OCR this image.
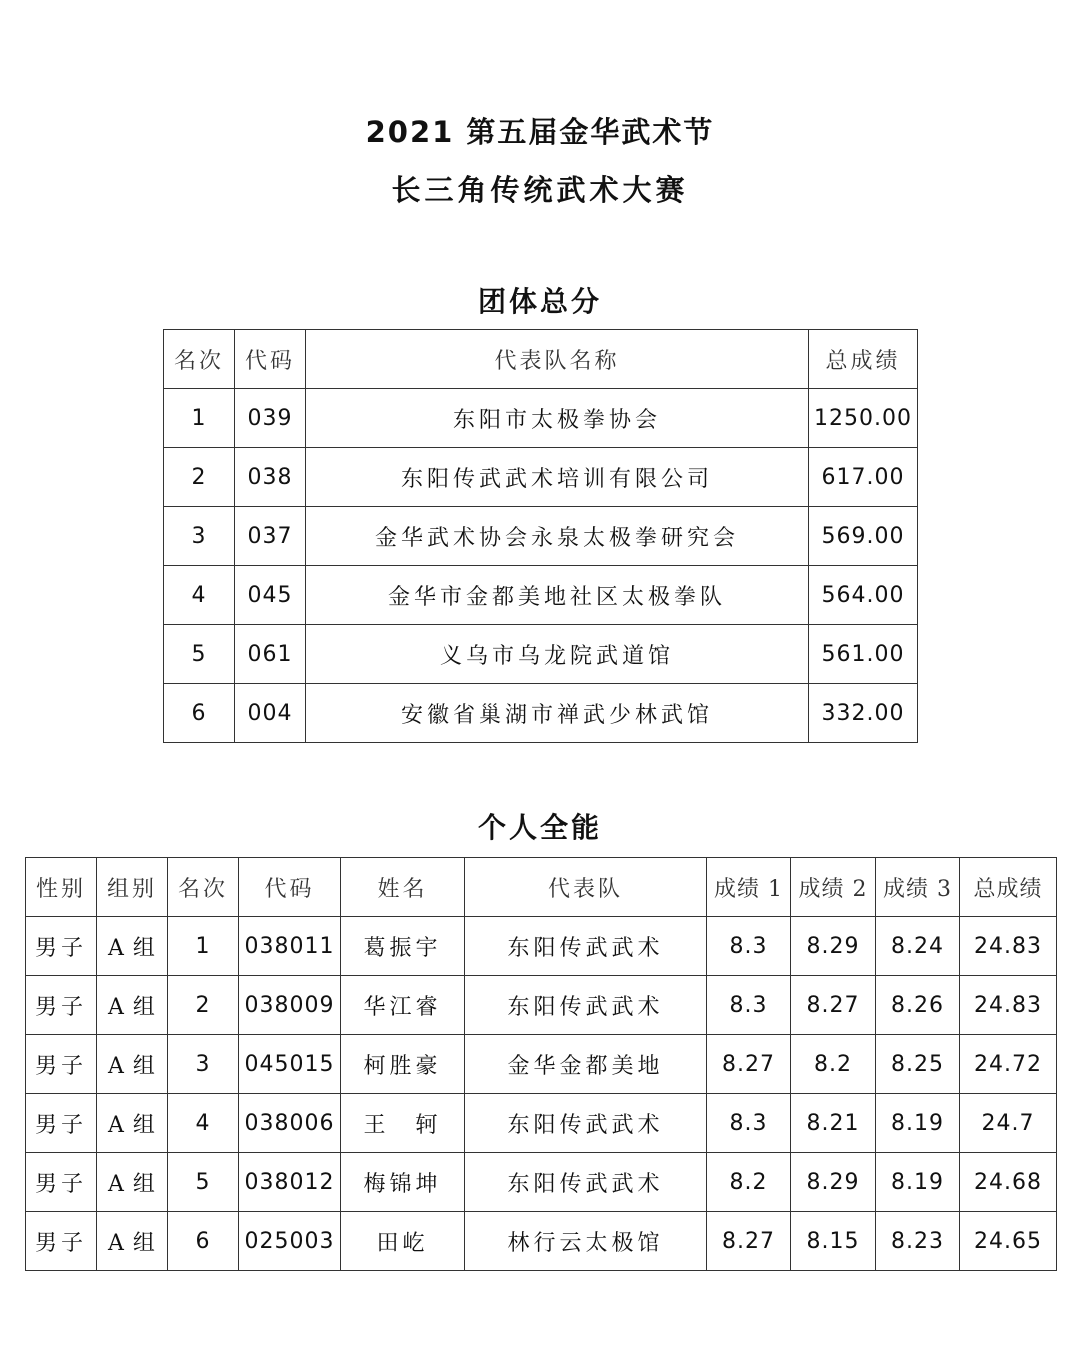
2021 第五届金华武术节
长三角传统武术大赛
团体总分
名次	代码	代表队名称	总成绩
1	039	东阳市太极拳协会	1250.00
2	038	东阳传武武术培训有限公司	617.00
3	037	金华武术协会永泉太极拳研究会	569.00
4	045	金华市金都美地社区太极拳队	564.00
5	061	义乌市乌龙院武道馆	561.00
6	004	安徽省巢湖市禅武少林武馆	332.00
个人全能
性别	组别	名次	代码	姓名	代表队	成绩 1	成绩 2	成绩 3	总成绩
男子	A 组	1	038011	葛振宇	东阳传武武术	8.3	8.29	8.24	24.83
男子	A 组	2	038009	华江睿	东阳传武武术	8.3	8.27	8.26	24.83
男子	A 组	3	045015	柯胜豪	金华金都美地	8.27	8.2	8.25	24.72
男子	A 组	4	038006	王　轲	东阳传武武术	8.3	8.21	8.19	24.7
男子	A 组	5	038012	梅锦坤	东阳传武武术	8.2	8.29	8.19	24.68
男子	A 组	6	025003	田屹	林行云太极馆	8.27	8.15	8.23	24.65
